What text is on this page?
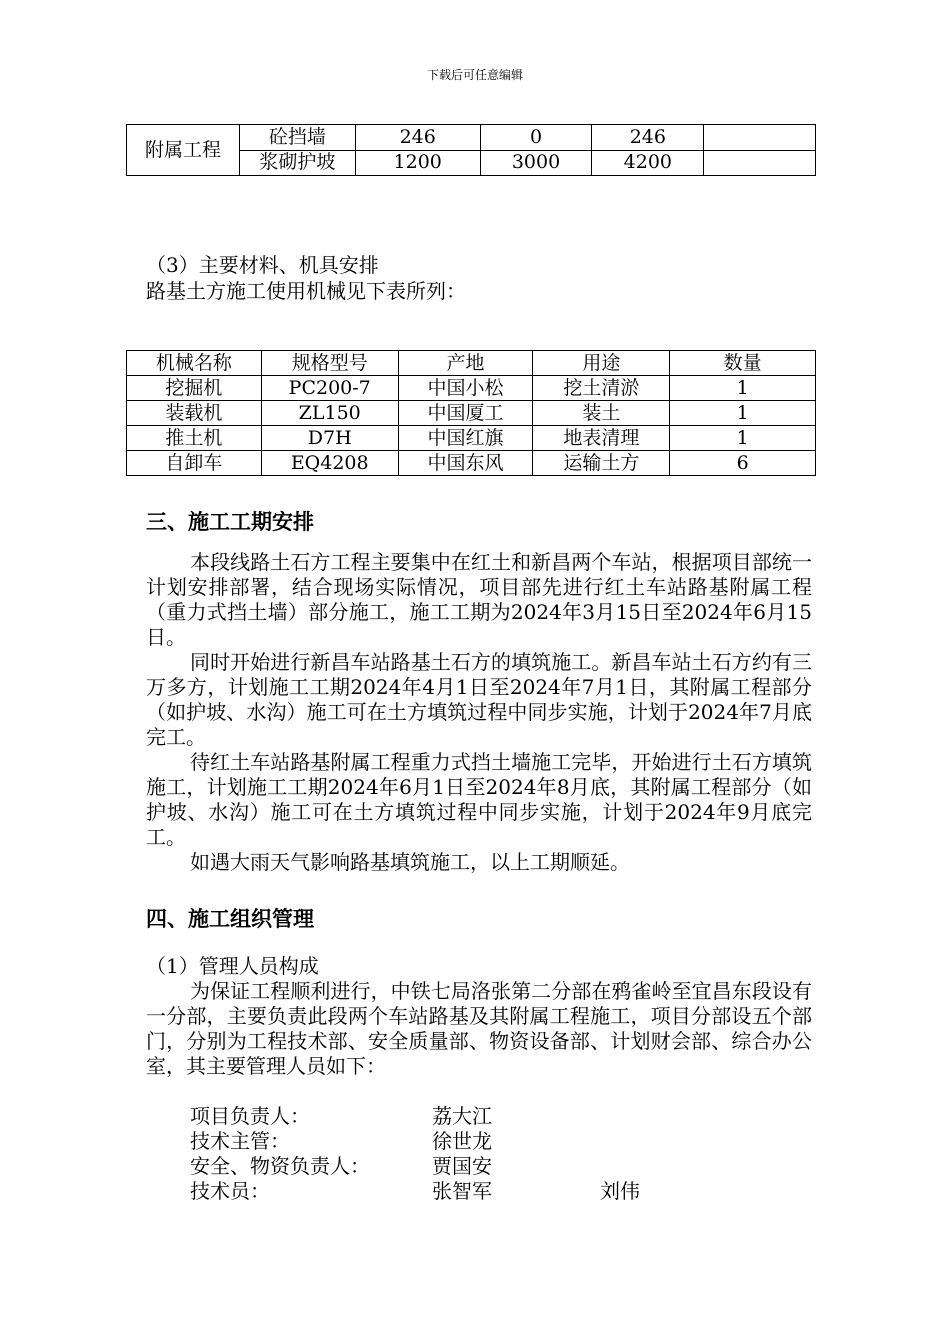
下载后可任意编辑
附属工程	砼挡墙	246	0	246	
	浆砌护坡	1200	3000	4200	
（3）主要材料、机具安排
路基土方施工使用机械见下表所列：
机械名称	规格型号	产地	用途	数量
挖掘机	PC200-7	中国小松	挖土清淤	1
装载机	ZL150	中国厦工	装土	1
推土机	D7H	中国红旗	地表清理	1
自卸车	EQ4208	中国东风	运输土方	6
三、施工工期安排

本段线路土石方工程主要集中在红土和新昌两个车站，根据项目部统一计划安排部署，结合现场实际情况，项目部先进行红土车站路基附属工程（重力式挡土墙）部分施工，施工工期为2024年3月15日至2024年6月15日。

同时开始进行新昌车站路基土石方的填筑施工。新昌车站土石方约有三万多方，计划施工工期2024年4月1日至2024年7月1日，其附属工程部分（如护坡、水沟）施工可在土方填筑过程中同步实施，计划于2024年7月底完工。

待红土车站路基附属工程重力式挡土墙施工完毕，开始进行土石方填筑施工，计划施工工期2024年6月1日至2024年8月底，其附属工程部分（如护坡、水沟）施工可在土方填筑过程中同步实施，计划于2024年9月底完工。

如遇大雨天气影响路基填筑施工，以上工期顺延。

四、施工组织管理
（1）管理人员构成

为保证工程顺利进行，中铁七局洛张第二分部在鸦雀岭至宜昌东段设有一分部，主要负责此段两个车站路基及其附属工程施工，项目分部设五个部门，分别为工程技术部、安全质量部、物资设备部、计划财会部、综合办公室，其主要管理人员如下：

项目负责人：	荔大江
技术主管：	徐世龙
安全、物资负责人：	贾国安
技术员：	张智军	刘伟
